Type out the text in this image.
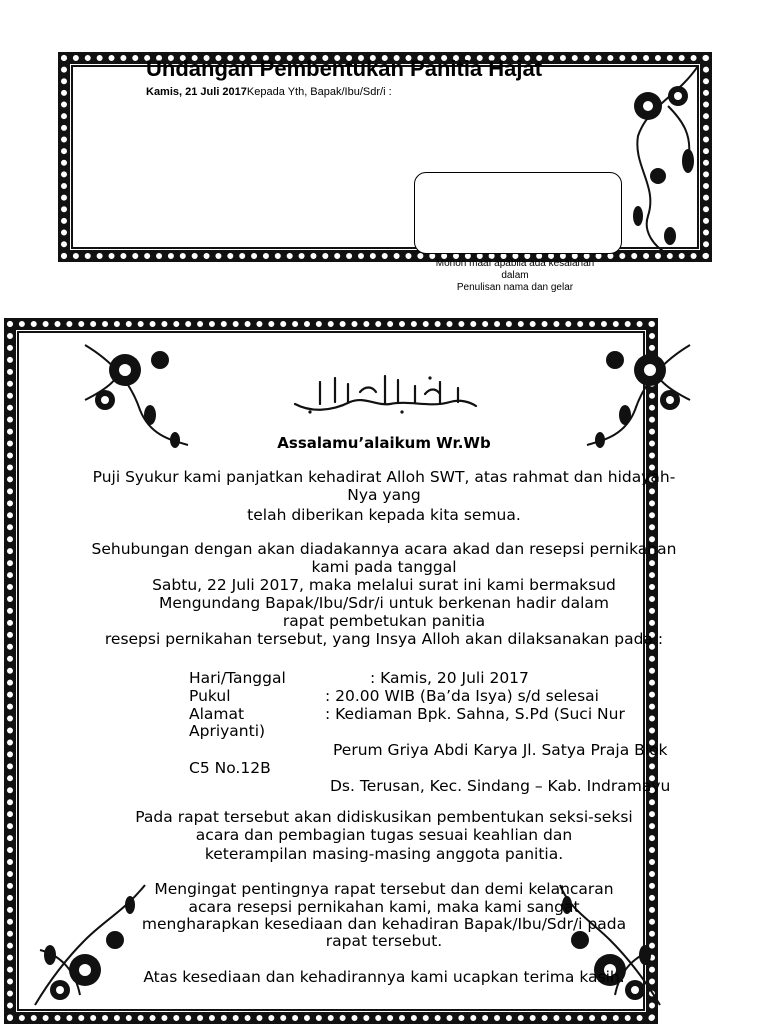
Undangan Pembentukan Panitia Hajat
Kamis, 21 Juli 2017Kepada Yth, Bapak/Ibu/Sdr/i :
Mohon maaf apabila ada kesalahan
dalam
Penulisan nama dan gelar
Assalamu’alaikum Wr.Wb
Puji Syukur kami panjatkan kehadirat Alloh SWT, atas rahmat dan hidayah-
Nya yang
telah diberikan kepada kita semua.
Sehubungan dengan akan diadakannya acara akad dan resepsi pernikahan
kami pada tanggal
Sabtu, 22 Juli 2017, maka melalui surat ini kami bermaksud
Mengundang Bapak/Ibu/Sdr/i untuk berkenan hadir dalam
rapat pembetukan panitia
resepsi pernikahan tersebut, yang Insya Alloh akan dilaksanakan pada :
Hari/Tanggal	: Kamis, 20 Juli 2017
Pukul	: 20.00 WIB (Ba’da Isya) s/d selesai
Alamat	: Kediaman Bpk. Sahna, S.Pd (Suci Nur
Apriyanti)
Perum Griya Abdi Karya Jl. Satya Praja Blok
C5 No.12B
Ds. Terusan, Kec. Sindang – Kab. Indramayu
Pada rapat tersebut akan didiskusikan pembentukan seksi-seksi
acara dan pembagian tugas sesuai keahlian dan
keterampilan masing-masing anggota panitia.
Mengingat pentingnya rapat tersebut dan demi kelancaran
acara resepsi pernikahan kami, maka kami sangat
mengharapkan kesediaan dan kehadiran Bapak/Ibu/Sdr/i pada
rapat tersebut.
Atas kesediaan dan kehadirannya kami ucapkan terima kasih.
